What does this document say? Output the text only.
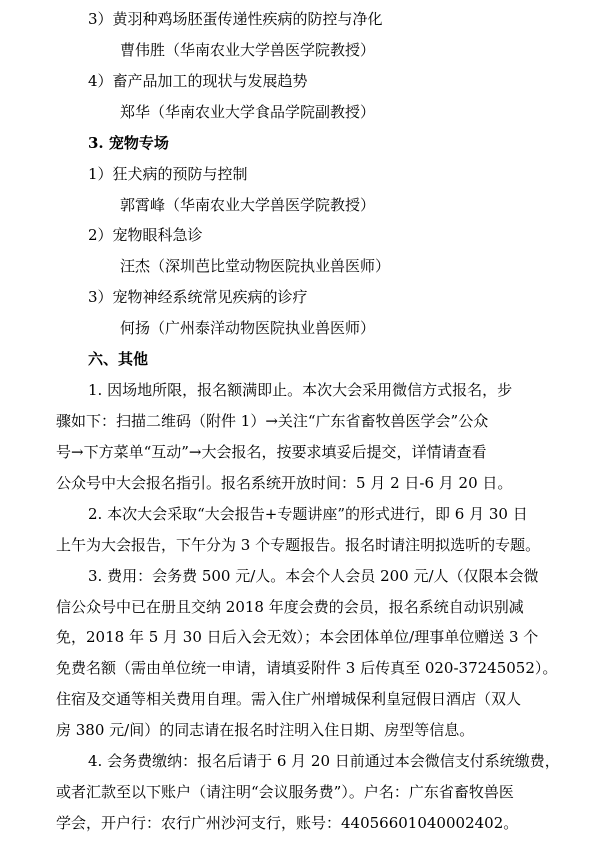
3）黄羽种鸡场胚蛋传递性疾病的防控与净化
曹伟胜（华南农业大学兽医学院教授）
4）畜产品加工的现状与发展趋势
郑华（华南农业大学食品学院副教授）
3. 宠物专场
1）狂犬病的预防与控制
郭霄峰（华南农业大学兽医学院教授）
2）宠物眼科急诊
汪杰（深圳芭比堂动物医院执业兽医师）
3）宠物神经系统常见疾病的诊疗
何扬（广州泰洋动物医院执业兽医师）
六、其他
1. 因场地所限，报名额满即止。本次大会采用微信方式报名，步
骤如下：扫描二维码（附件 1）→关注“广东省畜牧兽医学会”公众
号→下方菜单“互动”→大会报名，按要求填妥后提交，详情请查看
公众号中大会报名指引。报名系统开放时间：5 月 2 日-6 月 20 日。
2. 本次大会采取“大会报告+专题讲座”的形式进行，即 6 月 30 日
上午为大会报告，下午分为 3 个专题报告。报名时请注明拟选听的专题。
3. 费用：会务费 500 元/人。本会个人会员 200 元/人（仅限本会微
信公众号中已在册且交纳 2018 年度会费的会员，报名系统自动识别减
免，2018 年 5 月 30 日后入会无效）；本会团体单位/理事单位赠送 3 个
免费名额（需由单位统一申请，请填妥附件 3 后传真至 020-37245052）。
住宿及交通等相关费用自理。需入住广州增城保利皇冠假日酒店（双人
房 380 元/间）的同志请在报名时注明入住日期、房型等信息。
4. 会务费缴纳：报名后请于 6 月 20 日前通过本会微信支付系统缴费，
或者汇款至以下账户（请注明“会议服务费”）。户名：广东省畜牧兽医
学会，开户行：农行广州沙河支行，账号：44056601040002402。
